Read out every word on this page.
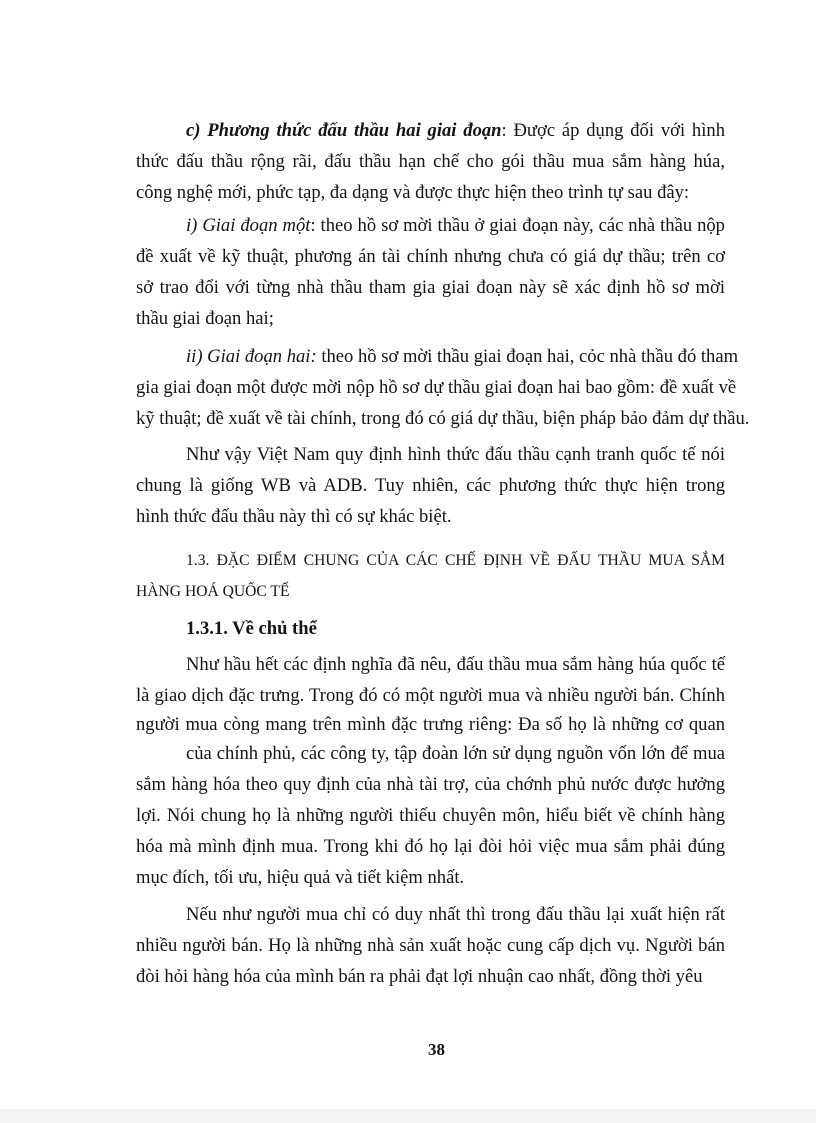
c) Phương thức đấu thầu hai giai đoạn: Được áp dụng đối với hình

thức đấu thầu rộng rãi, đấu thầu hạn chế cho gói thầu mua sắm hàng húa,

công nghệ mới, phức tạp, đa dạng và được thực hiện theo trình tự sau đây:

i) Giai đoạn một: theo hồ sơ mời thầu ở giai đoạn này, các nhà thầu nộp

đề xuất về kỹ thuật, phương án tài chính nhưng chưa có giá dự thầu; trên cơ

sở trao đổi với từng nhà thầu tham gia giai đoạn này sẽ xác định hồ sơ mời

thầu giai đoạn hai;

ii) Giai đoạn hai: theo hồ sơ mời thầu giai đoạn hai, cỏc nhà thầu đó tham

gia giai đoạn một được mời nộp hồ sơ dự thầu giai đoạn hai bao gồm: đề xuất về

kỹ thuật; đề xuất về tài chính, trong đó có giá dự thầu, biện pháp bảo đảm dự thầu.

Như vậy Việt Nam quy định hình thức đấu thầu cạnh tranh quốc tế nói

chung là giống WB và ADB. Tuy nhiên, các phương thức thực hiện trong

hình thức đấu thầu này thì có sự khác biệt.

1.3. ĐẶC ĐIỂM CHUNG CỦA CÁC CHẾ ĐỊNH VỀ ĐẤU THẦU MUA SẮM

HÀNG HOÁ QUỐC TẾ

1.3.1. Về chủ thể

Như hầu hết các định nghĩa đã nêu, đấu thầu mua sắm hàng húa quốc tế

là giao dịch đặc trưng. Trong đó có một người mua và nhiều người bán. Chính

người mua còng mang trên mình đặc trưng riêng: Đa số họ là những cơ quan

của chính phủ, các công ty, tập đoàn lớn sử dụng nguồn vốn lớn để mua

sắm hàng hóa theo quy định của nhà tài trợ, của chớnh phủ nước được hưởng

lợi. Nói chung họ là những người thiếu chuyên môn, hiểu biết về chính hàng

hóa mà mình định mua. Trong khi đó họ lại đòi hỏi việc mua sắm phải đúng

mục đích, tối ưu, hiệu quả và tiết kiệm nhất.

Nếu như người mua chỉ có duy nhất thì trong đấu thầu lại xuất hiện rất

nhiều người bán. Họ là những nhà sản xuất hoặc cung cấp dịch vụ. Người bán

đòi hỏi hàng hóa của mình bán ra phải đạt lợi nhuận cao nhất, đồng thời yêu

38
